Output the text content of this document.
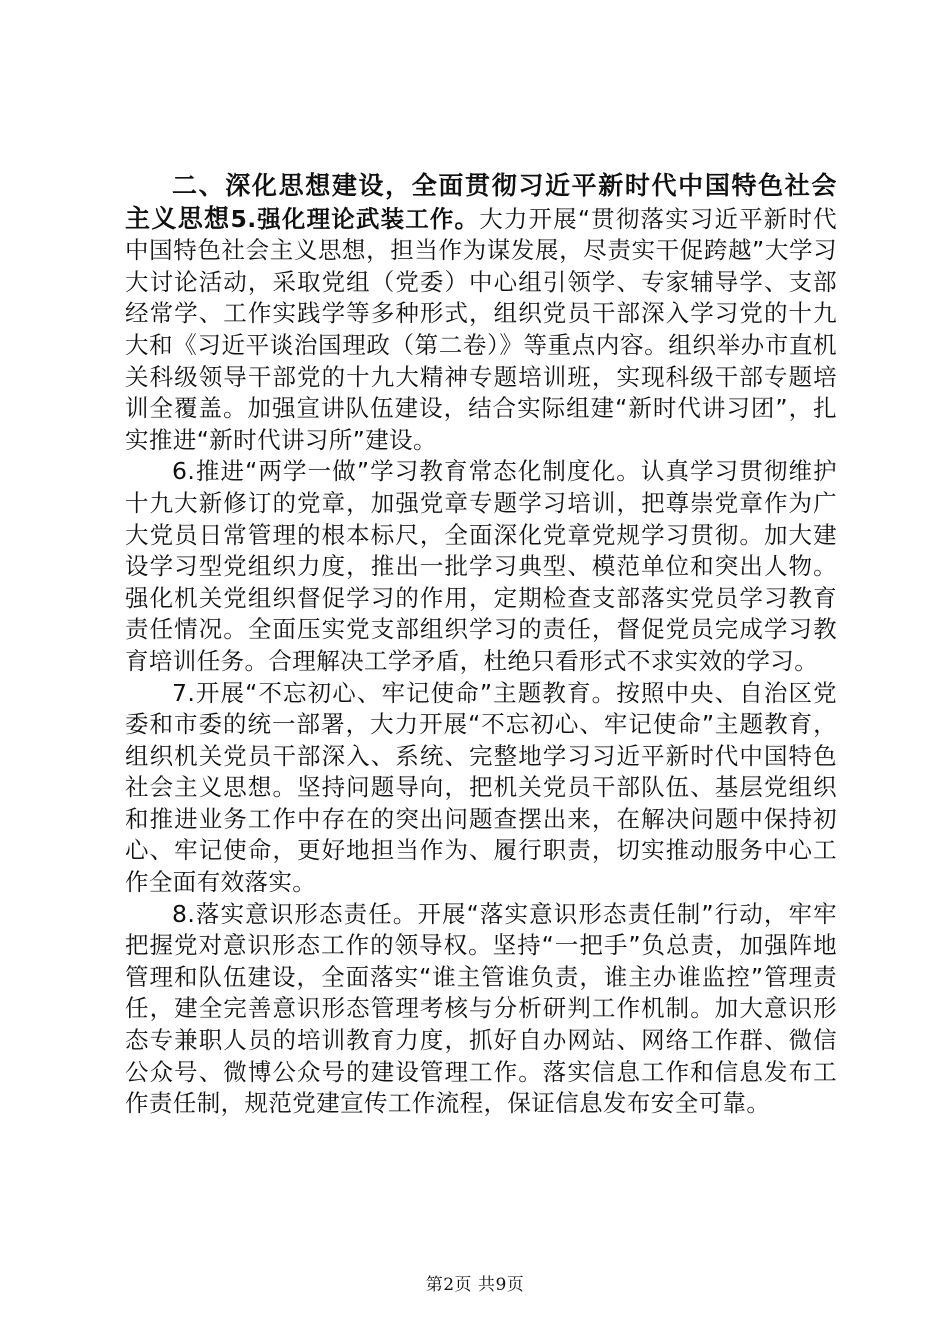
二、深化思想建设，全面贯彻习近平新时代中国特色社会主义思想5.强化理论武装工作。大力开展“贯彻落实习近平新时代中国特色社会主义思想，担当作为谋发展，尽责实干促跨越”大学习大讨论活动，采取党组（党委）中心组引领学、专家辅导学、支部经常学、工作实践学等多种形式，组织党员干部深入学习党的十九大和《习近平谈治国理政（第二卷）》等重点内容。组织举办市直机关科级领导干部党的十九大精神专题培训班，实现科级干部专题培训全覆盖。加强宣讲队伍建设，结合实际组建“新时代讲习团”，扎实推进“新时代讲习所”建设。

6.推进“两学一做”学习教育常态化制度化。认真学习贯彻维护十九大新修订的党章，加强党章专题学习培训，把尊崇党章作为广大党员日常管理的根本标尺，全面深化党章党规学习贯彻。加大建设学习型党组织力度，推出一批学习典型、模范单位和突出人物。强化机关党组织督促学习的作用，定期检查支部落实党员学习教育责任情况。全面压实党支部组织学习的责任，督促党员完成学习教育培训任务。合理解决工学矛盾，杜绝只看形式不求实效的学习。

7.开展“不忘初心、牢记使命”主题教育。按照中央、自治区党委和市委的统一部署，大力开展“不忘初心、牢记使命”主题教育，组织机关党员干部深入、系统、完整地学习习近平新时代中国特色社会主义思想。坚持问题导向，把机关党员干部队伍、基层党组织和推进业务工作中存在的突出问题查摆出来，在解决问题中保持初心、牢记使命，更好地担当作为、履行职责，切实推动服务中心工作全面有效落实。

8.落实意识形态责任。开展“落实意识形态责任制”行动，牢牢把握党对意识形态工作的领导权。坚持“一把手”负总责，加强阵地管理和队伍建设，全面落实“谁主管谁负责，谁主办谁监控”管理责任，建全完善意识形态管理考核与分析研判工作机制。加大意识形态专兼职人员的培训教育力度，抓好自办网站、网络工作群、微信公众号、微博公众号的建设管理工作。落实信息工作和信息发布工作责任制，规范党建宣传工作流程，保证信息发布安全可靠。

第2页 共9页
